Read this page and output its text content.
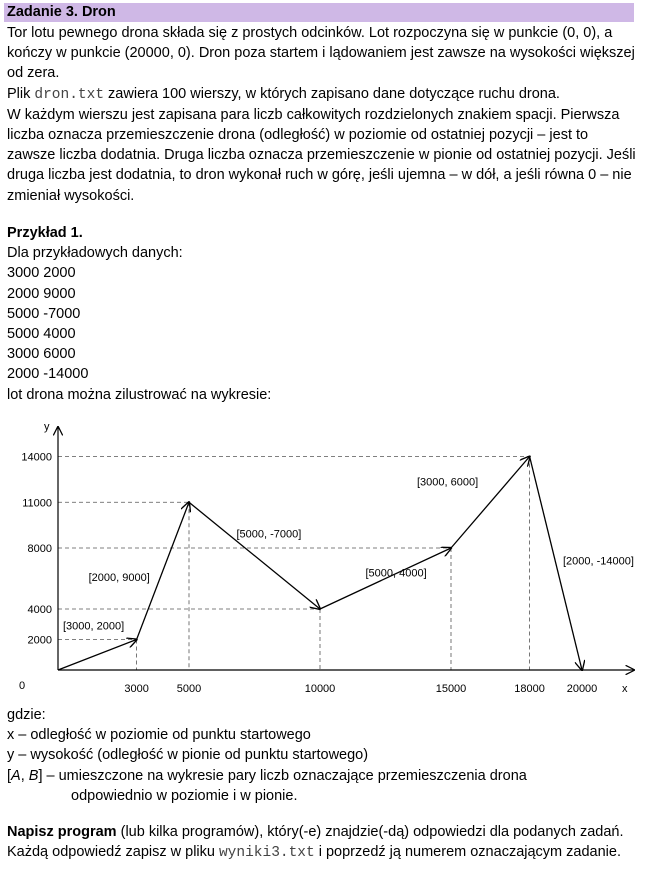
Zadanie 3. Dron
Tor lotu pewnego drona składa się z prostych odcinków. Lot rozpoczyna się w punkcie (0, 0), a kończy w punkcie (20000, 0). Dron poza startem i lądowaniem jest zawsze na wysokości większej od zera.
Plik dron.txt zawiera 100 wierszy, w których zapisano dane dotyczące ruchu drona.
W każdym wierszu jest zapisana para liczb całkowitych rozdzielonych znakiem spacji. Pierwsza liczba oznacza przemieszczenie drona (odległość) w poziomie od ostatniej pozycji – jest to zawsze liczba dodatnia. Druga liczba oznacza przemieszczenie w pionie od ostatniej pozycji. Jeśli druga liczba jest dodatnia, to dron wykonał ruch w górę, jeśli ujemna – w dół, a jeśli równa 0 – nie zmieniał wysokości.
Przykład 1.
Dla przykładowych danych:
3000 2000
2000 9000
5000 -7000
5000 4000
3000 6000
2000 -14000
lot drona można zilustrować na wykresie:
y
x
0
2000
4000
8000
11000
14000
3000	5000	10000	15000	18000 20000
[3000, 2000]
[2000, 9000]
[5000, -7000]
[5000, 4000]
[3000, 6000]
[2000, -14000]
gdzie:
x – odległość w poziomie od punktu startowego
y – wysokość (odległość w pionie od punktu startowego)
[A, B] – umieszczone na wykresie pary liczb oznaczające przemieszczenia drona
odpowiednio w poziomie i w pionie.
Napisz program (lub kilka programów), który(-e) znajdzie(-dą) odpowiedzi dla podanych zadań. Każdą odpowiedź zapisz w pliku wyniki3.txt i poprzedź ją numerem oznaczającym zadanie.
